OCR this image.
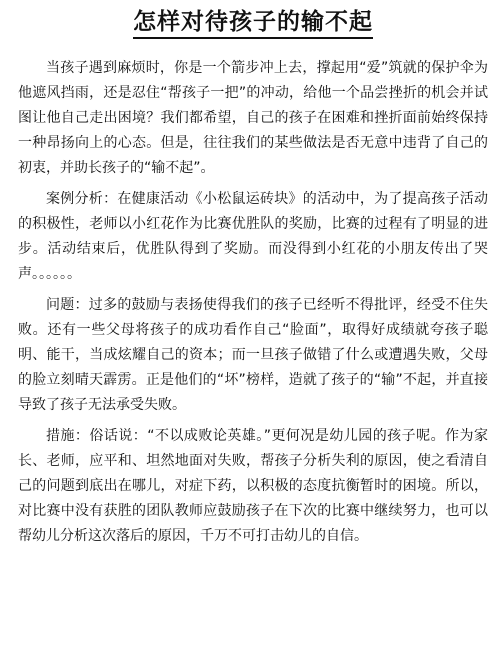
怎样对待孩子的输不起

当孩子遇到麻烦时，你是一个箭步冲上去，撑起用“爱”筑就的保护伞为他遮风挡雨，还是忍住“帮孩子一把”的冲动，给他一个品尝挫折的机会并试图让他自己走出困境？我们都希望，自己的孩子在困难和挫折面前始终保持一种昂扬向上的心态。但是，往往我们的某些做法是否无意中违背了自己的初衷，并助长孩子的“输不起”。

案例分析：在健康活动《小松鼠运砖块》的活动中，为了提高孩子活动的积极性，老师以小红花作为比赛优胜队的奖励，比赛的过程有了明显的进步。活动结束后，优胜队得到了奖励。而没得到小红花的小朋友传出了哭声。。。。。。

问题：过多的鼓励与表扬使得我们的孩子已经听不得批评，经受不住失败。还有一些父母将孩子的成功看作自己“脸面”，取得好成绩就夸孩子聪明、能干，当成炫耀自己的资本；而一旦孩子做错了什么或遭遇失败，父母的脸立刻晴天霹雳。正是他们的“坏”榜样，造就了孩子的“输”不起，并直接导致了孩子无法承受失败。

措施：俗话说：“不以成败论英雄。”更何况是幼儿园的孩子呢。作为家长、老师，应平和、坦然地面对失败，帮孩子分析失利的原因，使之看清自己的问题到底出在哪儿，对症下药，以积极的态度抗衡暂时的困境。所以，对比赛中没有获胜的团队教师应鼓励孩子在下次的比赛中继续努力，也可以帮幼儿分析这次落后的原因，千万不可打击幼儿的自信。
